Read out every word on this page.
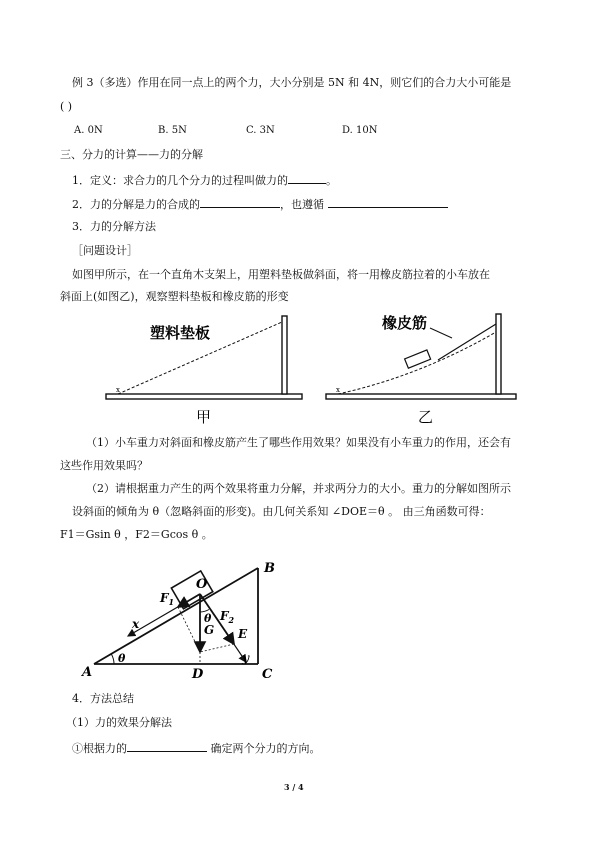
例 3（多选）作用在同一点上的两个力，大小分别是 5N 和 4N，则它们的合力大小可能是
( )
A. 0N	B. 5N	C. 3N	D. 10N
三、分力的计算——力的分解
1．定义：求合力的几个分力的过程叫做力的	。
2．力的分解是力的合成的	，也遵循
3．力的分解方法
［问题设计］
如图甲所示，在一个直角木支架上，用塑料垫板做斜面，将一用橡皮筋拉着的小车放在
斜面上(如图乙)，观察塑料垫板和橡皮筋的形变
x
塑料垫板
甲
x
橡皮筋
乙
（1）小车重力对斜面和橡皮筋产生了哪些作用效果？如果没有小车重力的作用，还会有
这些作用效果吗？
（2）请根据重力产生的两个效果将重力分解，并求两分力的大小。重力的分解如图所示
设斜面的倾角为 θ（忽略斜面的形变)。由几何关系知 ∠DOE＝θ 。 由三角函数可得：
F1＝Gsin θ ，F2＝Gcos θ 。
A
B
C
D
E
O
G
x
y
θ
θ
$F_1$
$F_2$
4．方法总结
（1）力的效果分解法
①根据力的	确定两个分力的方向。
3 / 4
